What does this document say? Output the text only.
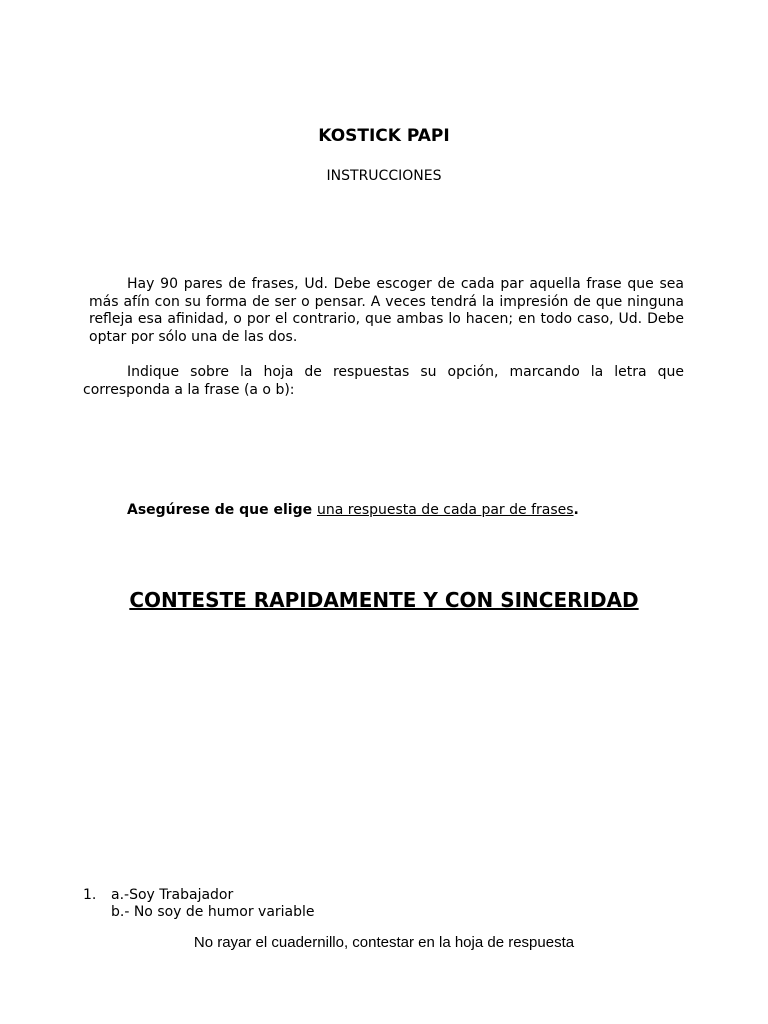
KOSTICK PAPI
INSTRUCCIONES

Hay 90 pares de frases, Ud. Debe escoger de cada par aquella frase que sea más afín con su forma de ser o pensar. A veces tendrá la impresión de que ninguna refleja esa afinidad, o por el contrario, que ambas lo hacen; en todo caso, Ud. Debe optar por sólo una de las dos.

Indique sobre la hoja de respuestas su opción, marcando la letra que corresponda a la frase (a o b):

Asegúrese de que elige una respuesta de cada par de frases.

CONTESTE RAPIDAMENTE Y CON SINCERIDAD
1. a.-Soy Trabajador
b.- No soy de humor variable
No rayar el cuadernillo, contestar en la hoja de respuesta
